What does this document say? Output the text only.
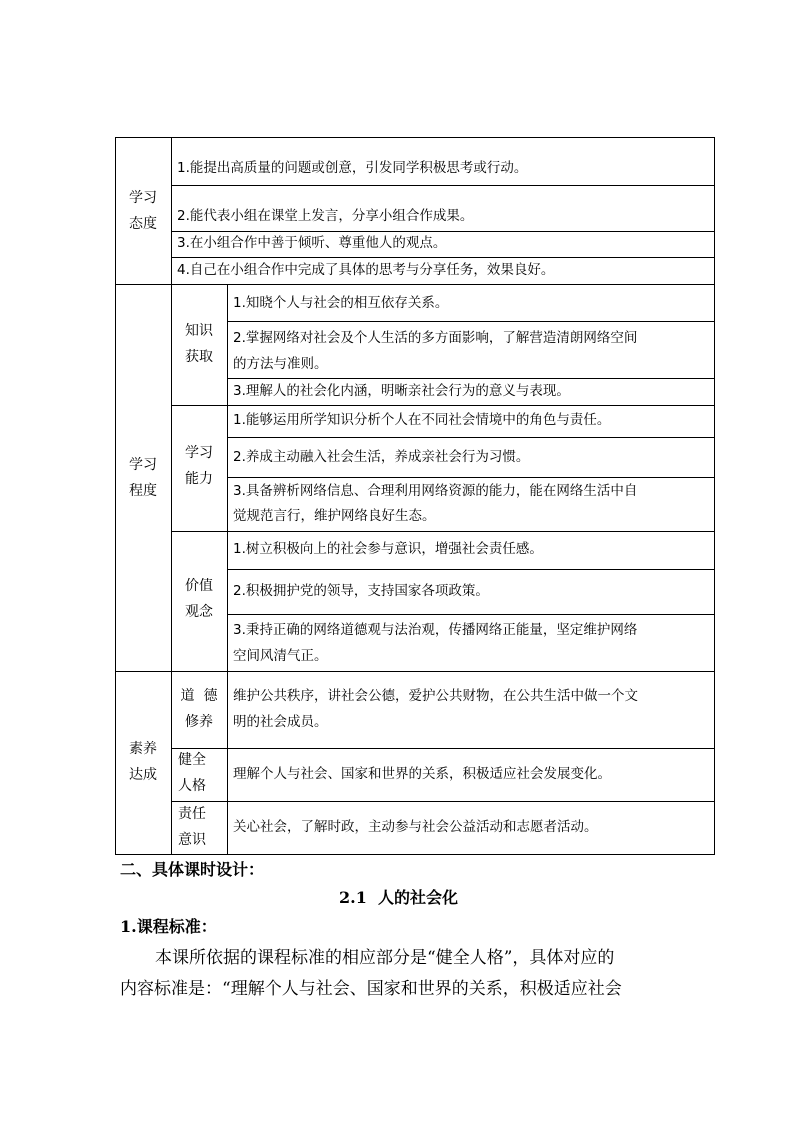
学习
态度
1.能提出高质量的问题或创意，引发同学积极思考或行动。
2.能代表小组在课堂上发言，分享小组合作成果。
3.在小组合作中善于倾听、尊重他人的观点。
4.自己在小组合作中完成了具体的思考与分享任务，效果良好。
学习
程度
知识
获取
1.知晓个人与社会的相互依存关系。
2.掌握网络对社会及个人生活的多方面影响，了解营造清朗网络空间
的方法与准则。
3.理解人的社会化内涵，明晰亲社会行为的意义与表现。
学习
能力
1.能够运用所学知识分析个人在不同社会情境中的角色与责任。
2.养成主动融入社会生活，养成亲社会行为习惯。
3.具备辨析网络信息、合理利用网络资源的能力，能在网络生活中自
觉规范言行，维护网络良好生态。
价值
观念
1.树立积极向上的社会参与意识，增强社会责任感。
2.积极拥护党的领导，支持国家各项政策。
3.秉持正确的网络道德观与法治观，传播网络正能量，坚定维护网络
空间风清气正。
素养
达成
道  德
修养
维护公共秩序，讲社会公德，爱护公共财物，在公共生活中做一个文
明的社会成员。
健全
人格
理解个人与社会、国家和世界的关系，积极适应社会发展变化。
责任
意识
关心社会，了解时政，主动参与社会公益活动和志愿者活动。
二、具体课时设计：
2.1  人的社会化
1.课程标准：
本课所依据的课程标准的相应部分是“健全人格”，具体对应的
内容标准是：“理解个人与社会、国家和世界的关系，积极适应社会
